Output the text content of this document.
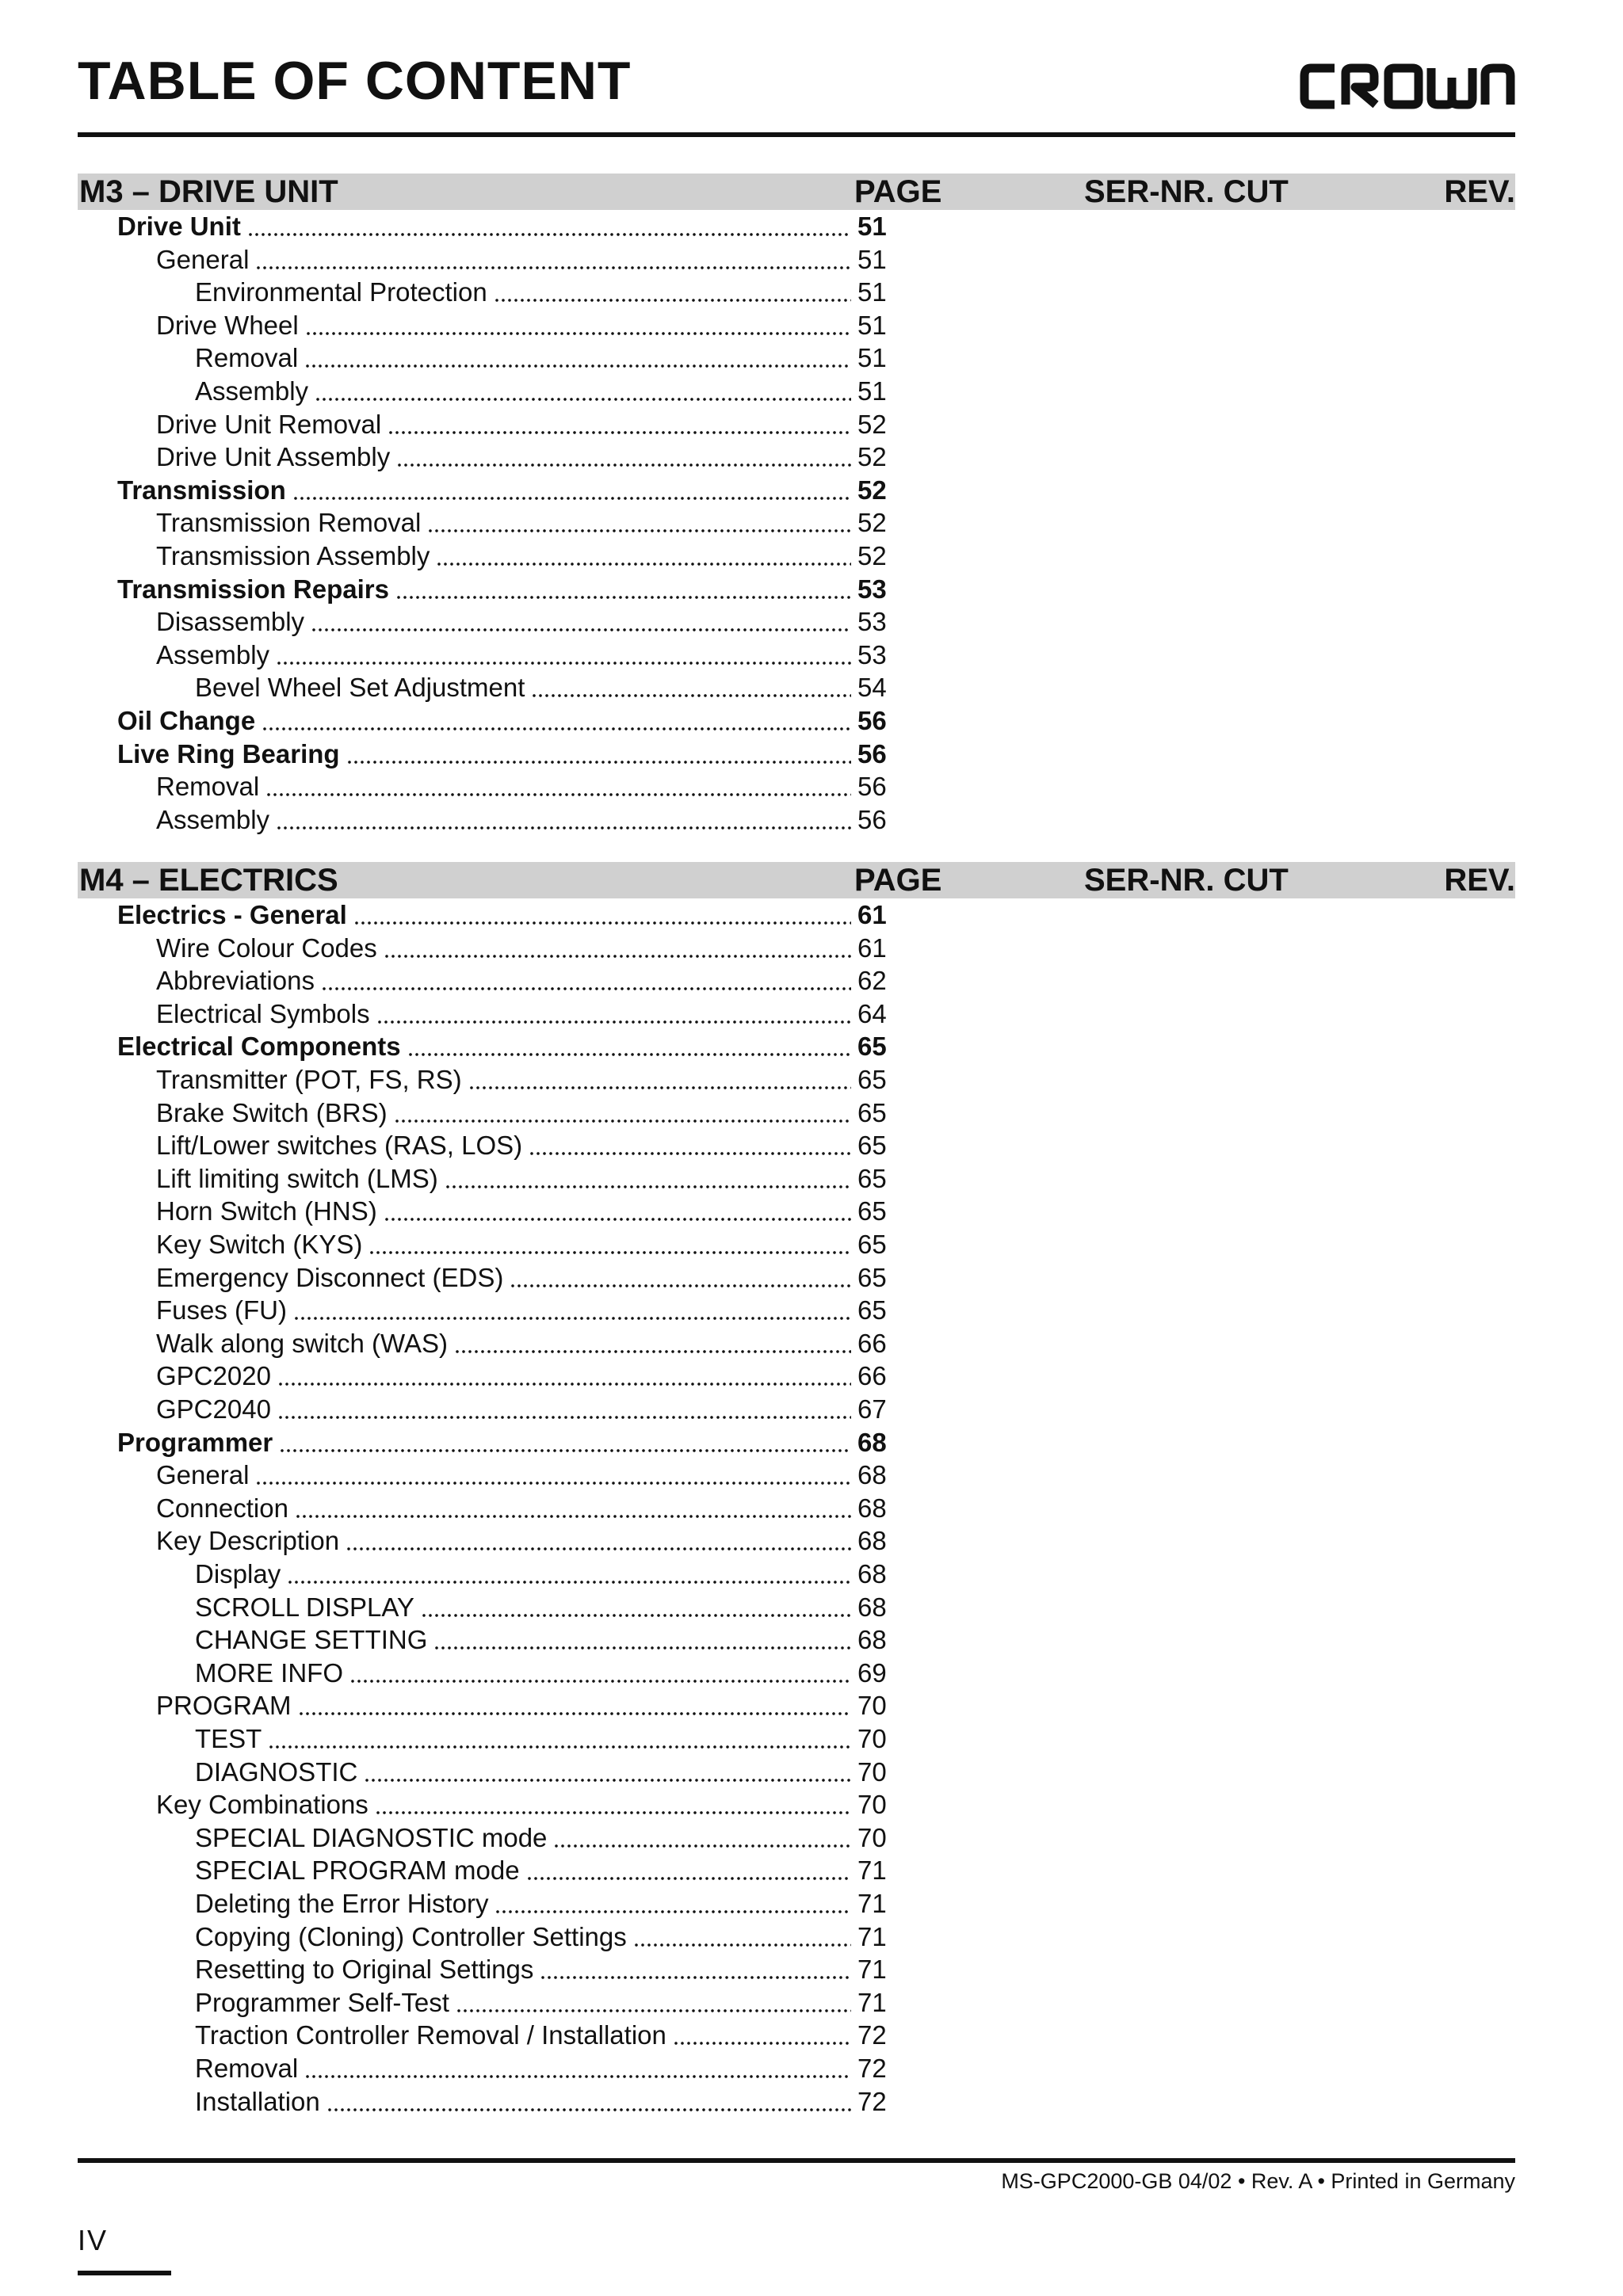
TABLE OF CONTENT
M3 – DRIVE UNIT	PAGE	SER-NR. CUT	REV.
Drive Unit	51
General	51
Environmental Protection	51
Drive Wheel	51
Removal	51
Assembly	51
Drive Unit Removal	52
Drive Unit Assembly	52
Transmission	52
Transmission Removal	52
Transmission Assembly	52
Transmission Repairs	53
Disassembly	53
Assembly	53
Bevel Wheel Set Adjustment	54
Oil Change	56
Live Ring Bearing	56
Removal	56
Assembly	56
M4 – ELECTRICS	PAGE	SER-NR. CUT	REV.
Electrics - General	61
Wire Colour Codes	61
Abbreviations	62
Electrical Symbols	64
Electrical Components	65
Transmitter (POT, FS, RS)	65
Brake Switch (BRS)	65
Lift/Lower switches (RAS, LOS)	65
Lift limiting switch (LMS)	65
Horn Switch (HNS)	65
Key Switch (KYS)	65
Emergency Disconnect (EDS)	65
Fuses (FU)	65
Walk along switch (WAS)	66
GPC2020	66
GPC2040	67
Programmer	68
General	68
Connection	68
Key Description	68
Display	68
SCROLL DISPLAY	68
CHANGE SETTING	68
MORE INFO	69
PROGRAM	70
TEST	70
DIAGNOSTIC	70
Key Combinations	70
SPECIAL DIAGNOSTIC mode	70
SPECIAL PROGRAM mode	71
Deleting the Error History	71
Copying (Cloning) Controller Settings	71
Resetting to Original Settings	71
Programmer Self-Test	71
Traction Controller Removal / Installation	72
Removal	72
Installation	72
MS-GPC2000-GB 04/02 • Rev. A • Printed in Germany
IV
